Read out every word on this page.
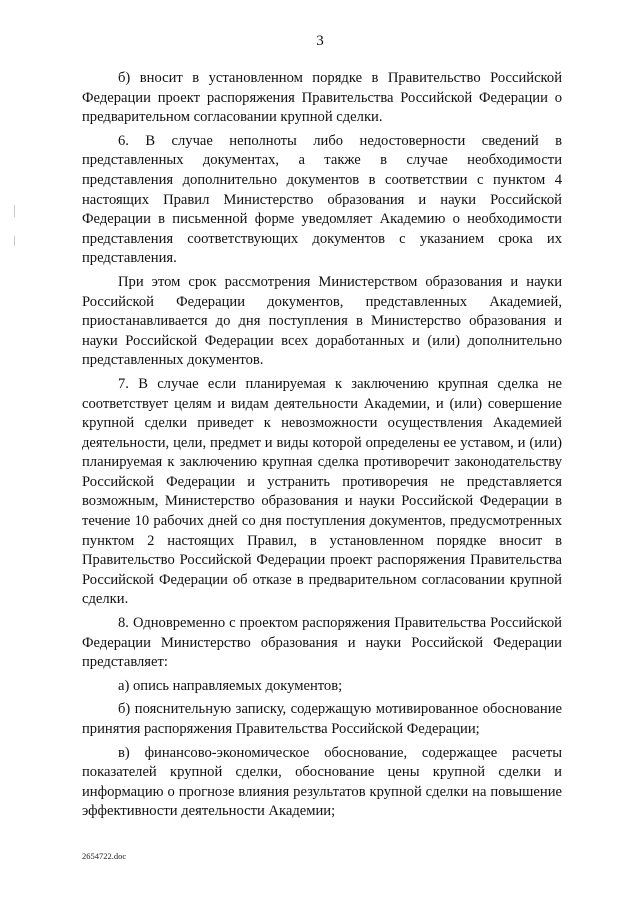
3

б) вносит в установленном порядке в Правительство Российской Федерации проект распоряжения Правительства Российской Федерации о предварительном согласовании крупной сделки.

6. В случае неполноты либо недостоверности сведений в представленных документах, а также в случае необходимости представления дополнительно документов в соответствии с пунктом 4 настоящих Правил Министерство образования и науки Российской Федерации в письменной форме уведомляет Академию о необходимости представления соответствующих документов с указанием срока их представления.

При этом срок рассмотрения Министерством образования и науки Российской Федерации документов, представленных Академией, приостанавливается до дня поступления в Министерство образования и науки Российской Федерации всех доработанных и (или) дополнительно представленных документов.

7. В случае если планируемая к заключению крупная сделка не соответствует целям и видам деятельности Академии, и (или) совершение крупной сделки приведет к невозможности осуществления Академией деятельности, цели, предмет и виды которой определены ее уставом, и (или) планируемая к заключению крупная сделка противоречит законодательству Российской Федерации и устранить противоречия не представляется возможным, Министерство образования и науки Российской Федерации в течение 10 рабочих дней со дня поступления документов, предусмотренных пунктом 2 настоящих Правил, в установленном порядке вносит в Правительство Российской Федерации проект распоряжения Правительства Российской Федерации об отказе в предварительном согласовании крупной сделки.

8. Одновременно с проектом распоряжения Правительства Российской Федерации Министерство образования и науки Российской Федерации представляет:

а) опись направляемых документов;

б) пояснительную записку, содержащую мотивированное обоснование принятия распоряжения Правительства Российской Федерации;

в) финансово-экономическое обоснование, содержащее расчеты показателей крупной сделки, обоснование цены крупной сделки и информацию о прогнозе влияния результатов крупной сделки на повышение эффективности деятельности Академии;

2654722.doc
